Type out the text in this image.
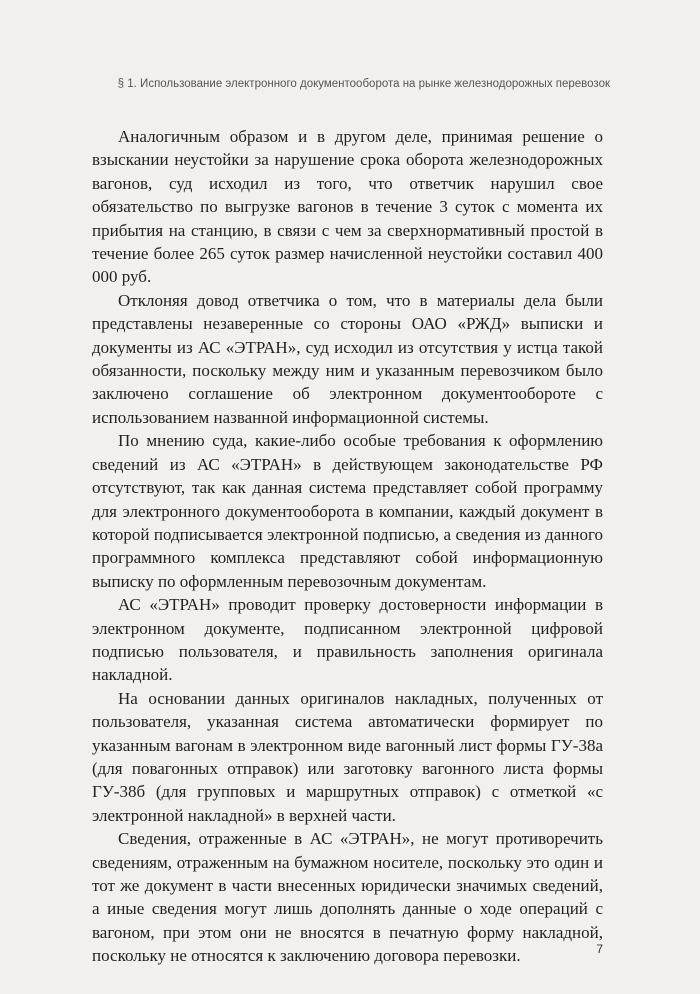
§ 1. Использование электронного документооборота на рынке железнодорожных перевозок

Аналогичным образом и в другом деле, принимая решение о взыскании неустойки за нарушение срока оборота железнодорожных вагонов, суд исходил из того, что ответчик нарушил свое обязательство по выгрузке вагонов в течение 3 суток с момента их прибытия на станцию, в связи с чем за сверхнормативный простой в течение более 265 суток размер начисленной неустойки составил 400 000 руб.

Отклоняя довод ответчика о том, что в материалы дела были представлены незаверенные со стороны ОАО «РЖД» выписки и документы из АС «ЭТРАН», суд исходил из отсутствия у истца такой обязанности, поскольку между ним и указанным перевозчиком было заключено соглашение об электронном документообороте с использованием названной информационной системы.

По мнению суда, какие-либо особые требования к оформлению сведений из АС «ЭТРАН» в действующем законодательстве РФ отсутствуют, так как данная система представляет собой программу для электронного документооборота в компании, каждый документ в которой подписывается электронной подписью, а сведения из данного программного комплекса представляют собой информационную выписку по оформленным перевозочным документам.

АС «ЭТРАН» проводит проверку достоверности информации в электронном документе, подписанном электронной цифровой подписью пользователя, и правильность заполнения оригинала накладной.

На основании данных оригиналов накладных, полученных от пользователя, указанная система автоматически формирует по указанным вагонам в электронном виде вагонный лист формы ГУ-38а (для повагонных отправок) или заготовку вагонного листа формы ГУ-38б (для групповых и маршрутных отправок) с отметкой «с электронной накладной» в верхней части.

Сведения, отраженные в АС «ЭТРАН», не могут противоречить сведениям, отраженным на бумажном носителе, поскольку это один и тот же документ в части внесенных юридически значимых сведений, а иные сведения могут лишь дополнять данные о ходе операций с вагоном, при этом они не вносятся в печатную форму накладной, поскольку не относятся к заключению договора перевозки.	7
